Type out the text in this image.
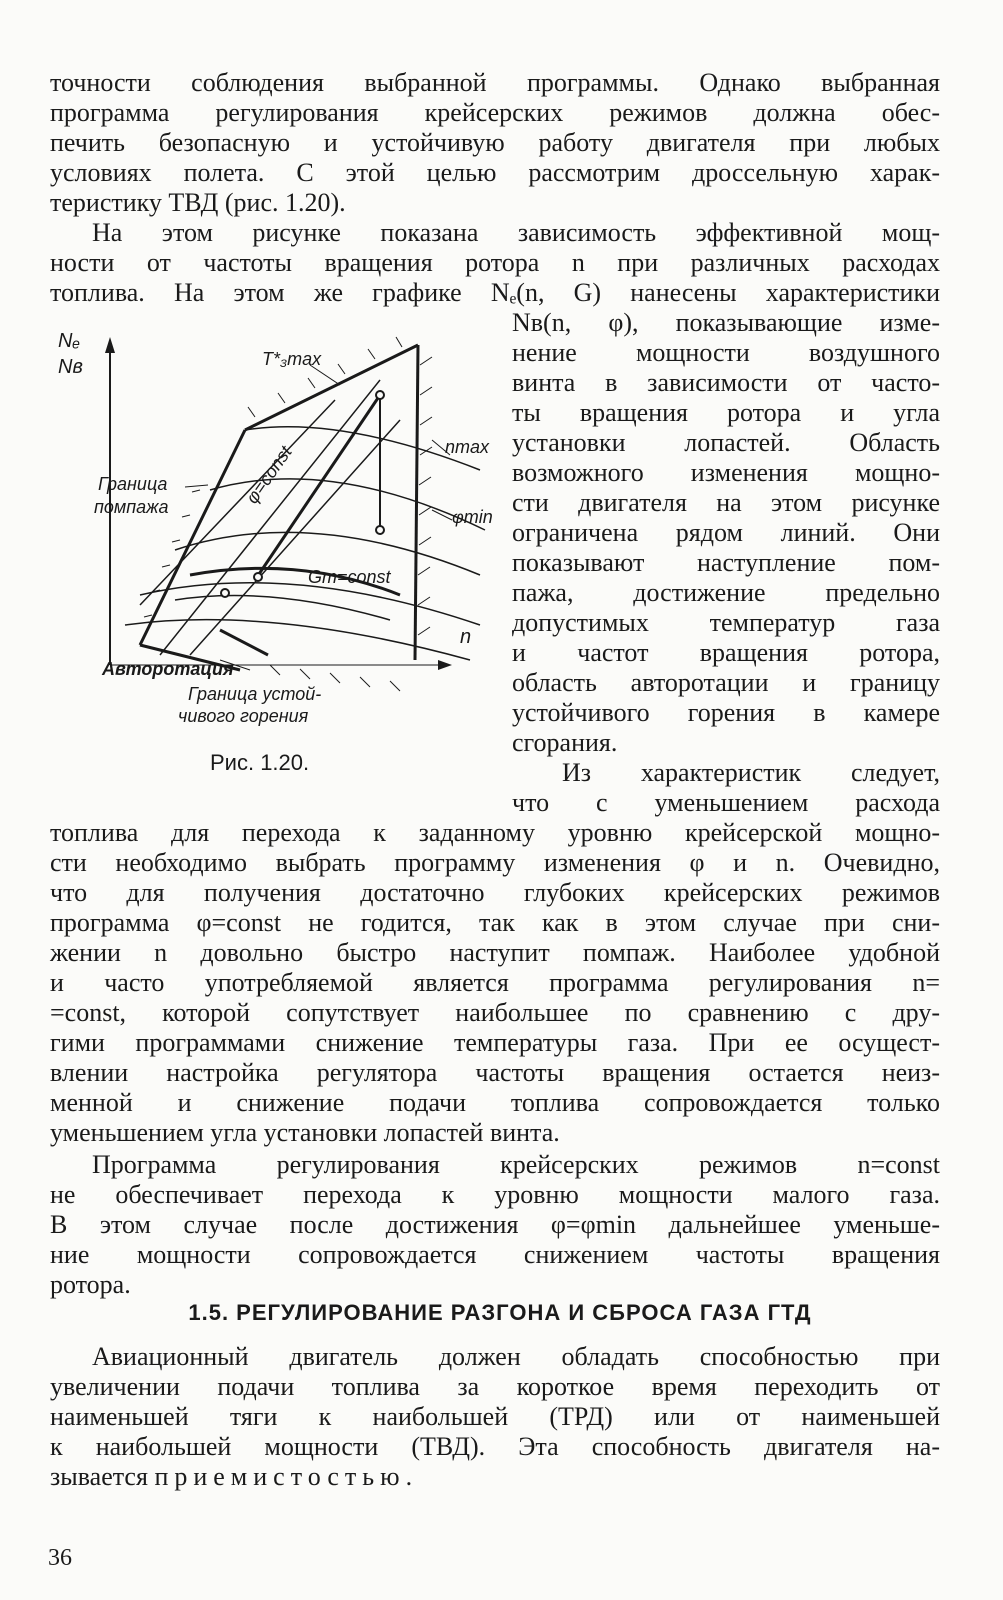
точности соблюдения выбранной программы. Однако выбранная
программа регулирования крейсерских режимов должна обес-
печить безопасную и устойчивую работу двигателя при любых
условиях полета. С этой целью рассмотрим дроссельную харак-
теристику ТВД (рис. 1.20).
На этом рисунке показана зависимость эффективной мощ-
ности от частоты вращения ротора n при различных расходах
топлива. На этом же графике Nₑ(n, G) нанесены характеристики
Nв(n, φ), показывающие изме-
нение мощности воздушного
винта в зависимости от часто-
ты вращения ротора и угла
установки лопастей. Область
возможного изменения мощно-
сти двигателя на этом рисунке
ограничена рядом линий. Они
показывают наступление пом-
пажа, достижение предельно
допустимых температур газа
и частот вращения ротора,
область авторотации и границу
устойчивого горения в камере
сгорания.
Из характеристик следует,
что с уменьшением расхода
топлива для перехода к заданному уровню крейсерской мощно-
сти необходимо выбрать программу изменения φ и n. Очевидно,
что для получения достаточно глубоких крейсерских режимов
программа φ=const не годится, так как в этом случае при сни-
жении n довольно быстро наступит помпаж. Наиболее удобной
и часто употребляемой является программа регулирования n=
=const, которой сопутствует наибольшее по сравнению с дру-
гими программами снижение температуры газа. При ее осущест-
влении настройка регулятора частоты вращения остается неиз-
менной и снижение подачи топлива сопровождается только
уменьшением угла установки лопастей винта.
Программа регулирования крейсерских режимов n=const
не обеспечивает перехода к уровню мощности малого газа.
В этом случае после достижения φ=φmin дальнейшее уменьше-
ние мощности сопровождается снижением частоты вращения
ротора.
1.5. РЕГУЛИРОВАНИЕ РАЗГОНА И СБРОСА ГАЗА ГТД
Авиационный двигатель должен обладать способностью при
увеличении подачи топлива за короткое время переходить от
наименьшей тяги к наибольшей (ТРД) или от наименьшей
к наибольшей мощности (ТВД). Эта способность двигателя на-
зывается приемистостью.
36
Nₑ
Nв
n
T*₃max
nmax
φmin
φ=const
Gт=const
Граница
помпажа
Авторотация
Граница устой-
чивого горения
Рис. 1.20.
